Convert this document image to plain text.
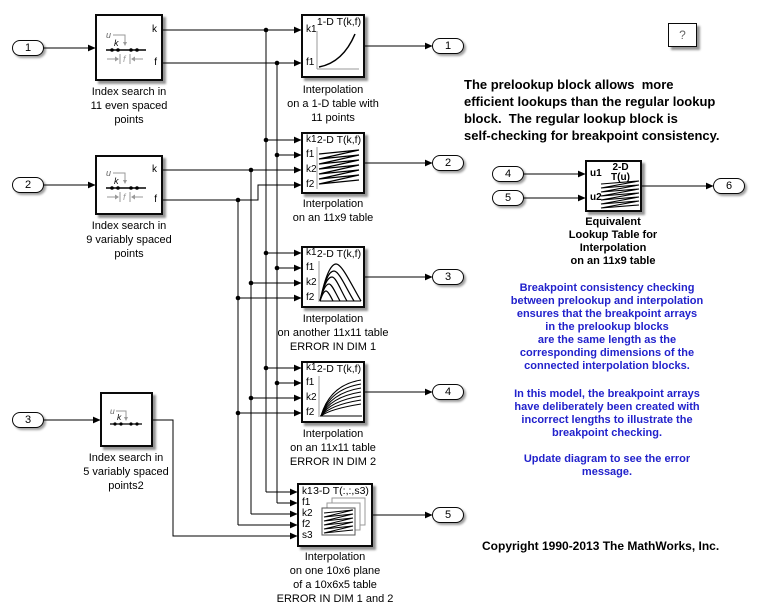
1
2
3
4
5
1
2
3
4
5
6
k
f
u
k
f
Index search in
11 even spaced
points
k
f
u
k
f
Index search in
9 variably spaced
points
u
k
Index search in
5 variably spaced
points2
1-D T(k,f)
k1
f1
Interpolation
on a 1-D table with
11 points
2-D T(k,f)
k1
f1
k2
f2
Interpolation
on an 11x9 table
2-D T(k,f)
k1
f1
k2
f2
Interpolation
on another 11x11 table
ERROR IN DIM 1
2-D T(k,f)
k1
f1
k2
f2
Interpolation
on an 11x11 table
ERROR IN DIM 2
3-D T(:,:,s3)
k1
f1
k2
f2
s3
Interpolation
on one 10x6 plane
of a 10x6x5 table
ERROR IN DIM 1 and 2
2-D
T(u)
u1
u2
Equivalent
Lookup Table for
Interpolation
on an 11x9 table
The prelookup block allows  more
efficient lookups than the regular lookup
block.  The regular lookup block is
self-checking for breakpoint consistency.
Breakpoint consistency checking
between prelookup and interpolation
ensures that the breakpoint arrays
in the prelookup blocks
are the same length as the
corresponding dimensions of the
connected interpolation blocks.
In this model, the breakpoint arrays
have deliberately been created with
incorrect lengths to illustrate the
breakpoint checking.
Update diagram to see the error
message.
Copyright 1990-2013 The MathWorks, Inc.
?
